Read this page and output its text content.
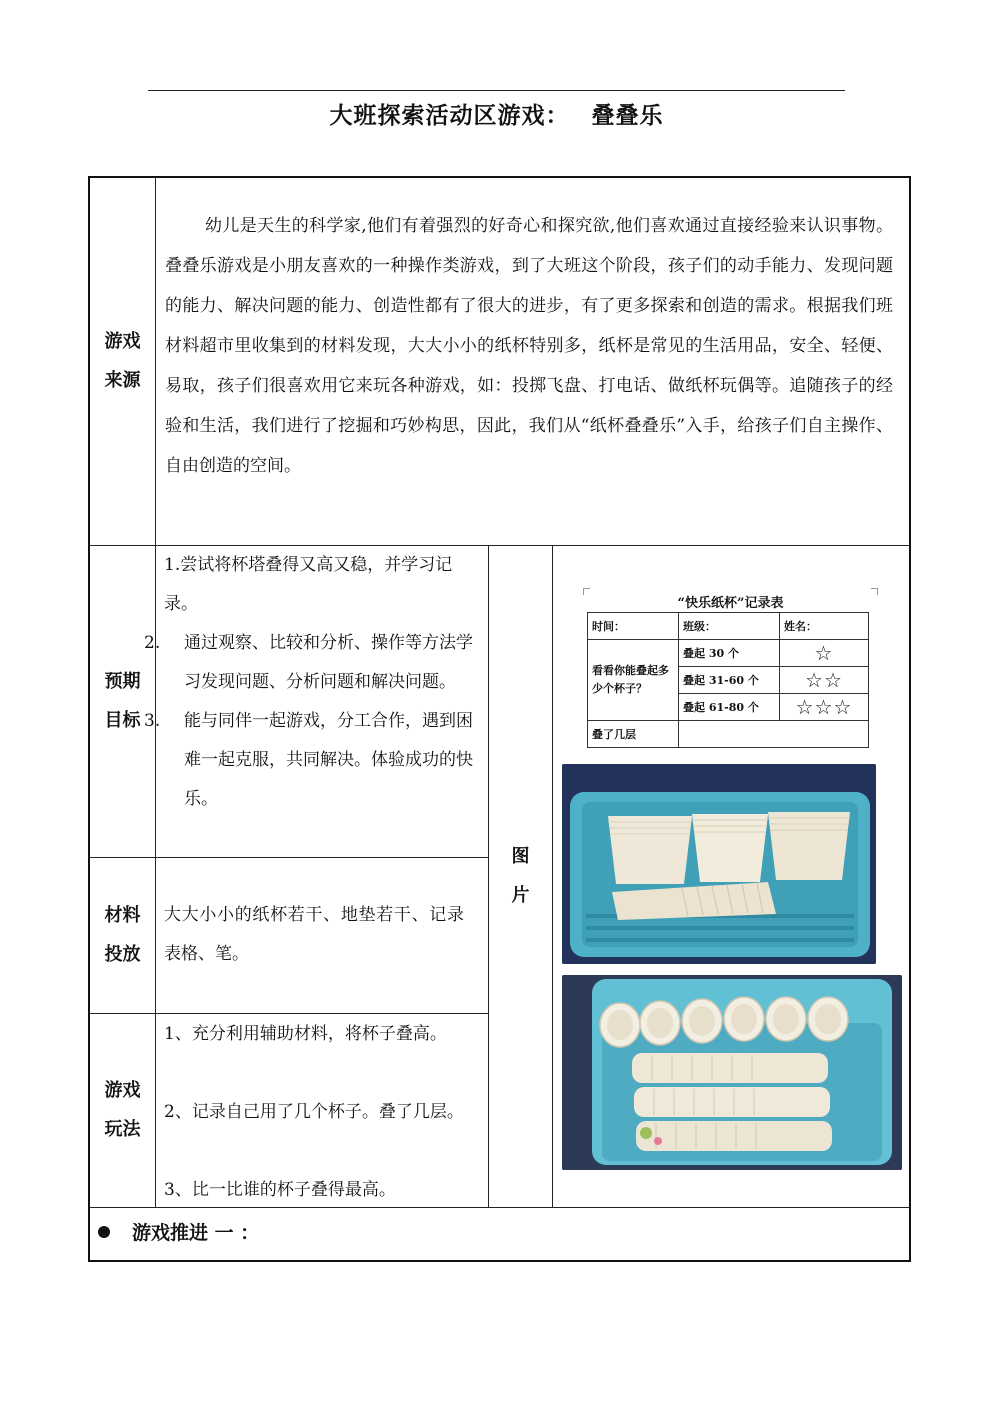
大班探索活动区游戏： 叠叠乐
游戏
来源

幼儿是天生的科学家,他们有着强烈的好奇心和探究欲,他们喜欢通过直接经验来认识事物。叠叠乐游戏是小朋友喜欢的一种操作类游戏，到了大班这个阶段，孩子们的动手能力、发现问题的能力、解决问题的能力、创造性都有了很大的进步，有了更多探索和创造的需求。根据我们班材料超市里收集到的材料发现，大大小小的纸杯特别多，纸杯是常见的生活用品，安全、轻便、易取，孩子们很喜欢用它来玩各种游戏，如：投掷飞盘、打电话、做纸杯玩偶等。追随孩子的经验和生活，我们进行了挖掘和巧妙构思，因此，我们从“纸杯叠叠乐”入手，给孩子们自主操作、自由创造的空间。

预期
目标
1.尝试将杯塔叠得又高又稳，并学习记录。
2. 通过观察、比较和分析、操作等方法学习发现问题、分析问题和解决问题。
3. 能与同伴一起游戏，分工合作，遇到困难一起克服，共同解决。体验成功的快乐。
材料
投放

大大小小的纸杯若干、地垫若干、记录表格、笔。

游戏
玩法
1、充分利用辅助材料，将杯子叠高。
2、记录自己用了几个杯子。叠了几层。
3、比一比谁的杯子叠得最高。
图
片
“快乐纸杯”记录表
时间：	班级：	姓名：
看看你能叠起多少个杯子？	叠起 30 个	☆
	叠起 31-60 个	☆☆
	叠起 61-80 个	☆☆☆
叠了几层		
游戏推进 一 ：
